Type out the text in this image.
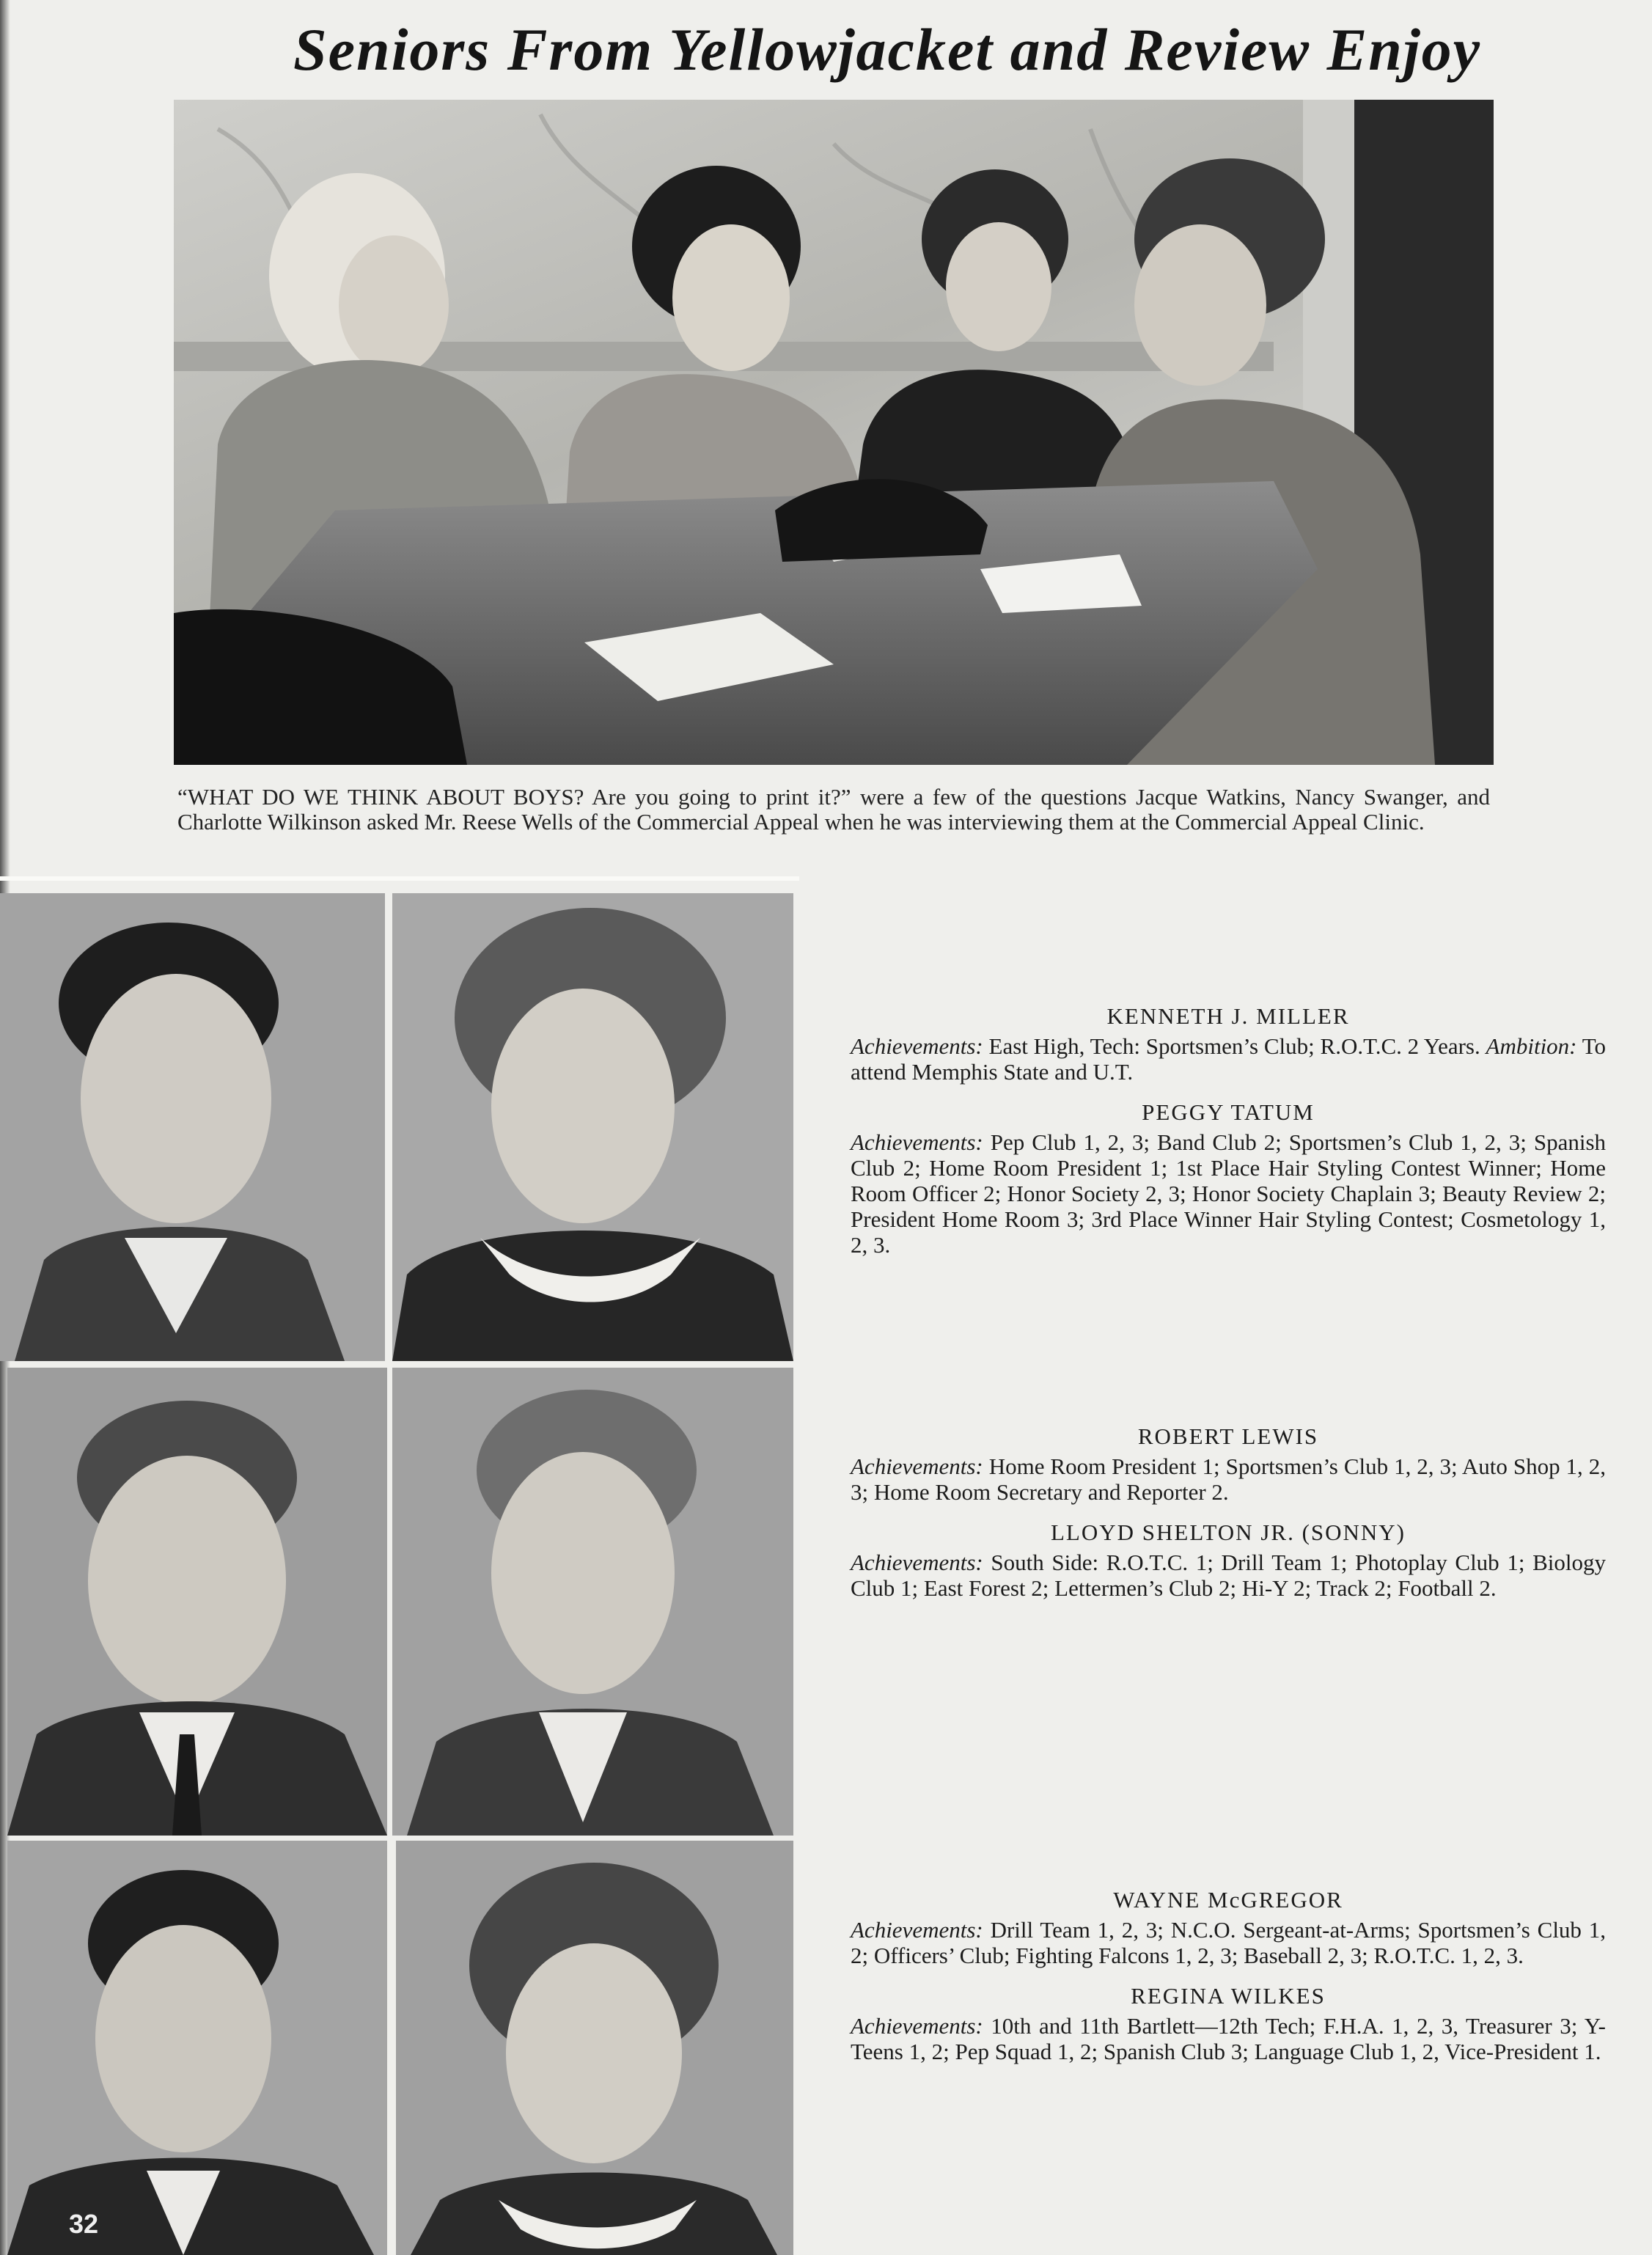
Seniors From Yellowjacket and Review Enjoy
“WHAT DO WE THINK ABOUT BOYS? Are you going to print it?” were a few of the questions Jacque Watkins, Nancy Swanger, and Charlotte Wilkinson asked Mr. Reese Wells of the Commercial Appeal when he was interviewing them at the Commercial Appeal Clinic.
32
KENNETH J. MILLER
Achievements: East High, Tech: Sportsmen’s Club; R.O.T.C. 2 Years. Ambition: To attend Memphis State and U.T.
PEGGY TATUM
Achievements: Pep Club 1, 2, 3; Band Club 2; Sportsmen’s Club 1, 2, 3; Spanish Club 2; Home Room President 1; 1st Place Hair Styling Contest Winner; Home Room Officer 2; Honor Society 2, 3; Honor Society Chaplain 3; Beauty Review 2; President Home Room 3; 3rd Place Winner Hair Styling Contest; Cosmetology 1, 2, 3.
ROBERT LEWIS
Achievements: Home Room President 1; Sportsmen’s Club 1, 2, 3; Auto Shop 1, 2, 3; Home Room Secretary and Reporter 2.
LLOYD SHELTON JR. (SONNY)
Achievements: South Side: R.O.T.C. 1; Drill Team 1; Photoplay Club 1; Biology Club 1; East Forest 2; Lettermen’s Club 2; Hi-Y 2; Track 2; Football 2.
WAYNE McGREGOR
Achievements: Drill Team 1, 2, 3; N.C.O. Sergeant-at-Arms; Sportsmen’s Club 1, 2; Officers’ Club; Fighting Falcons 1, 2, 3; Baseball 2, 3; R.O.T.C. 1, 2, 3.
REGINA WILKES
Achievements: 10th and 11th Bartlett—12th Tech; F.H.A. 1, 2, 3, Treasurer 3; Y-Teens 1, 2; Pep Squad 1, 2; Spanish Club 3; Language Club 1, 2, Vice-President 1.
